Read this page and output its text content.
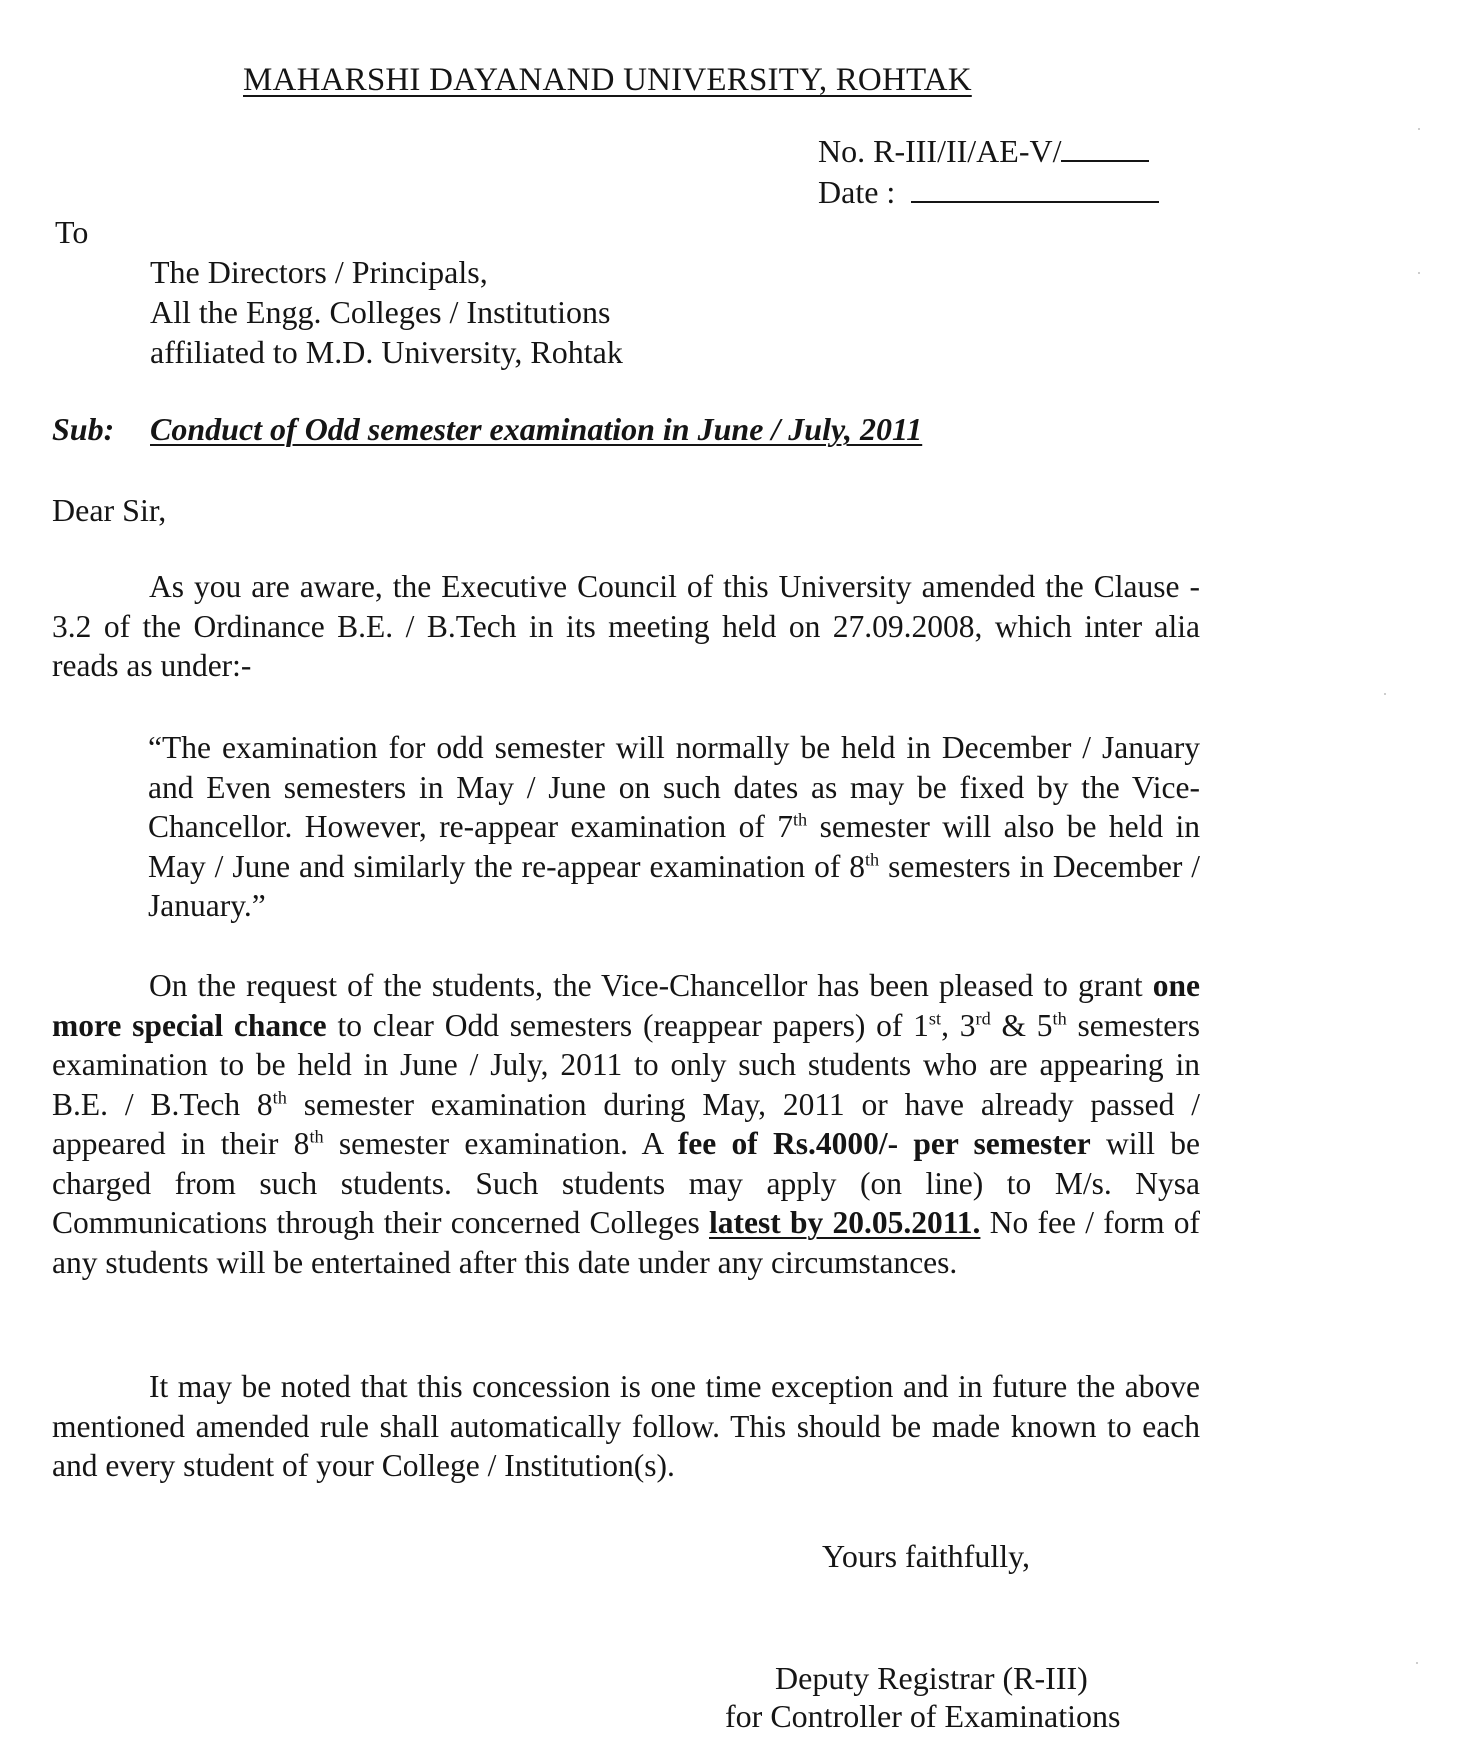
MAHARSHI DAYANAND UNIVERSITY, ROHTAK
No. R-III/II/AE-V/
Date :
To
The Directors / Principals,
All the Engg. Colleges / Institutions
affiliated to M.D. University, Rohtak
Sub: Conduct of Odd semester examination in June / July, 2011
Dear Sir,
As you are aware, the Executive Council of this University amended the Clause - 3.2 of the Ordinance B.E. / B.Tech in its meeting held on 27.09.2008, which inter alia reads as under:-
“The examination for odd semester will normally be held in December / January and Even semesters in May / June on such dates as may be fixed by the Vice-Chancellor. However, re-appear examination of 7th semester will also be held in May / June and similarly the re-appear examination of 8th semesters in December / January.”
On the request of the students, the Vice-Chancellor has been pleased to grant one more special chance to clear Odd semesters (reappear papers) of 1st, 3rd & 5th semesters examination to be held in June / July, 2011 to only such students who are appearing in B.E. / B.Tech 8th semester examination during May, 2011 or have already passed / appeared in their 8th semester examination. A fee of Rs.4000/- per semester will be charged from such students. Such students may apply (on line) to M/s. Nysa Communications through their concerned Colleges latest by 20.05.2011. No fee / form of any students will be entertained after this date under any circumstances.
It may be noted that this concession is one time exception and in future the above mentioned amended rule shall automatically follow. This should be made known to each and every student of your College / Institution(s).
Yours faithfully,
Deputy Registrar (R-III)
for Controller of Examinations
